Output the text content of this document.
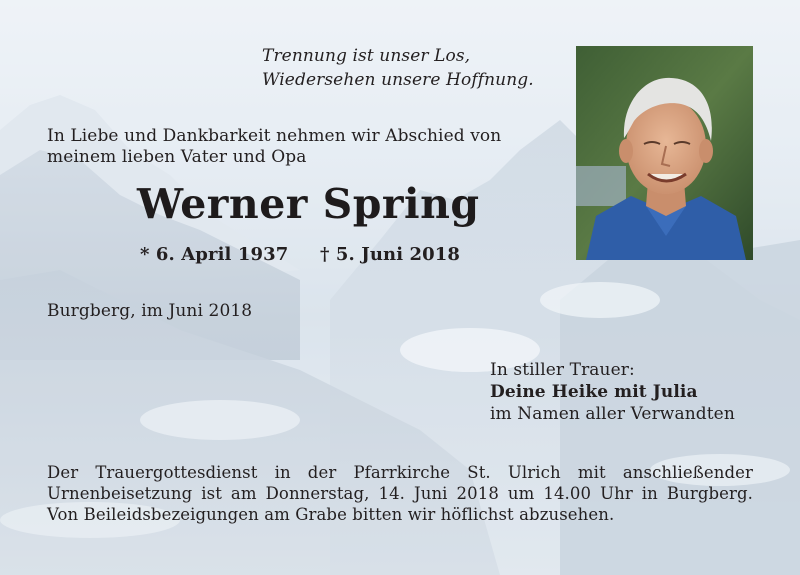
Trennung ist unser Los,
Wiedersehen unsere Hoffnung.
In Liebe und Dankbarkeit nehmen wir Abschied von
meinem lieben Vater und Opa
Werner Spring
* 6. April 1937 † 5. Juni 2018
Burgberg, im Juni 2018
In stiller Trauer:
Deine Heike mit Julia
im Namen aller Verwandten
Der Trauergottesdienst in der Pfarrkirche St. Ulrich mit anschließender
Urnenbeisetzung ist am Donnerstag, 14. Juni 2018 um 14.00 Uhr in Burgberg.
Von Beileidsbezeigungen am Grabe bitten wir höflichst abzusehen.
